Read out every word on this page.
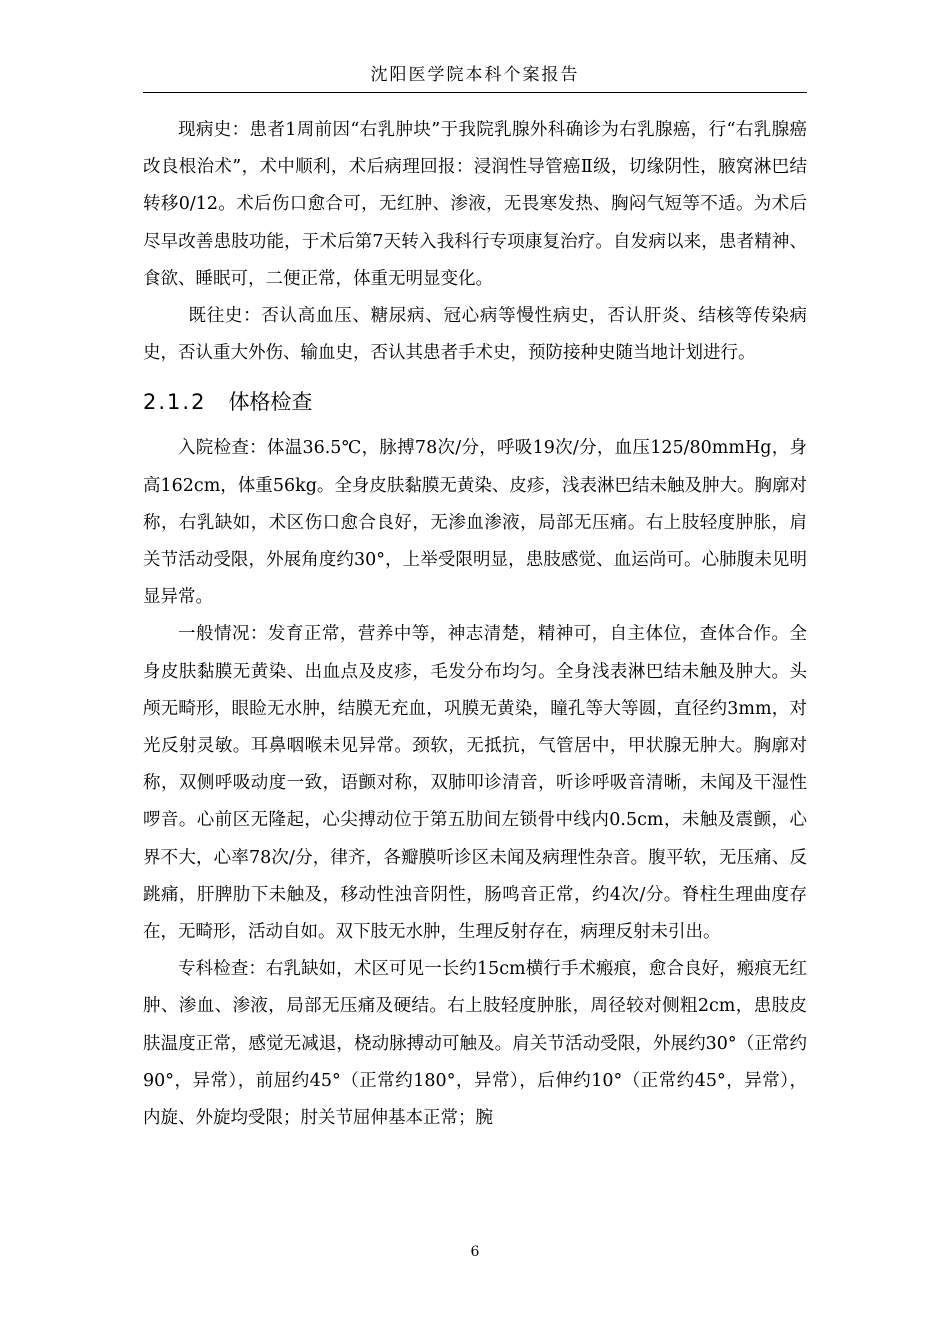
沈阳医学院本科个案报告

现病史：患者1周前因“右乳肿块”于我院乳腺外科确诊为右乳腺癌，行“右乳腺癌改良根治术”，术中顺利，术后病理回报：浸润性导管癌Ⅱ级，切缘阴性，腋窝淋巴结转移0/12。术后伤口愈合可，无红肿、渗液，无畏寒发热、胸闷气短等不适。为术后尽早改善患肢功能，于术后第7天转入我科行专项康复治疗。自发病以来，患者精神、食欲、睡眠可，二便正常，体重无明显变化。

既往史：否认高血压、糖尿病、冠心病等慢性病史，否认肝炎、结核等传染病史，否认重大外伤、输血史，否认其患者手术史，预防接种史随当地计划进行。

2.1.2 体格检查

入院检查：体温36.5℃，脉搏78次/分，呼吸19次/分，血压125/80mmHg，身高162cm，体重56kg。全身皮肤黏膜无黄染、皮疹，浅表淋巴结未触及肿大。胸廓对称，右乳缺如，术区伤口愈合良好，无渗血渗液，局部无压痛。右上肢轻度肿胀，肩关节活动受限，外展角度约30°，上举受限明显，患肢感觉、血运尚可。心肺腹未见明显异常。

一般情况：发育正常，营养中等，神志清楚，精神可，自主体位，查体合作。全身皮肤黏膜无黄染、出血点及皮疹，毛发分布均匀。全身浅表淋巴结未触及肿大。头颅无畸形，眼睑无水肿，结膜无充血，巩膜无黄染，瞳孔等大等圆，直径约3mm，对光反射灵敏。耳鼻咽喉未见异常。颈软，无抵抗，气管居中，甲状腺无肿大。胸廓对称，双侧呼吸动度一致，语颤对称，双肺叩诊清音，听诊呼吸音清晰，未闻及干湿性啰音。心前区无隆起，心尖搏动位于第五肋间左锁骨中线内0.5cm，未触及震颤，心界不大，心率78次/分，律齐，各瓣膜听诊区未闻及病理性杂音。腹平软，无压痛、反跳痛，肝脾肋下未触及，移动性浊音阴性，肠鸣音正常，约4次/分。脊柱生理曲度存在，无畸形，活动自如。双下肢无水肿，生理反射存在，病理反射未引出。

专科检查：右乳缺如，术区可见一长约15cm横行手术瘢痕，愈合良好，瘢痕无红肿、渗血、渗液，局部无压痛及硬结。右上肢轻度肿胀，周径较对侧粗2cm，患肢皮肤温度正常，感觉无减退，桡动脉搏动可触及。肩关节活动受限，外展约30°（正常约90°，异常），前屈约45°（正常约180°，异常），后伸约10°（正常约45°，异常），内旋、外旋均受限；肘关节屈伸基本正常；腕

6
